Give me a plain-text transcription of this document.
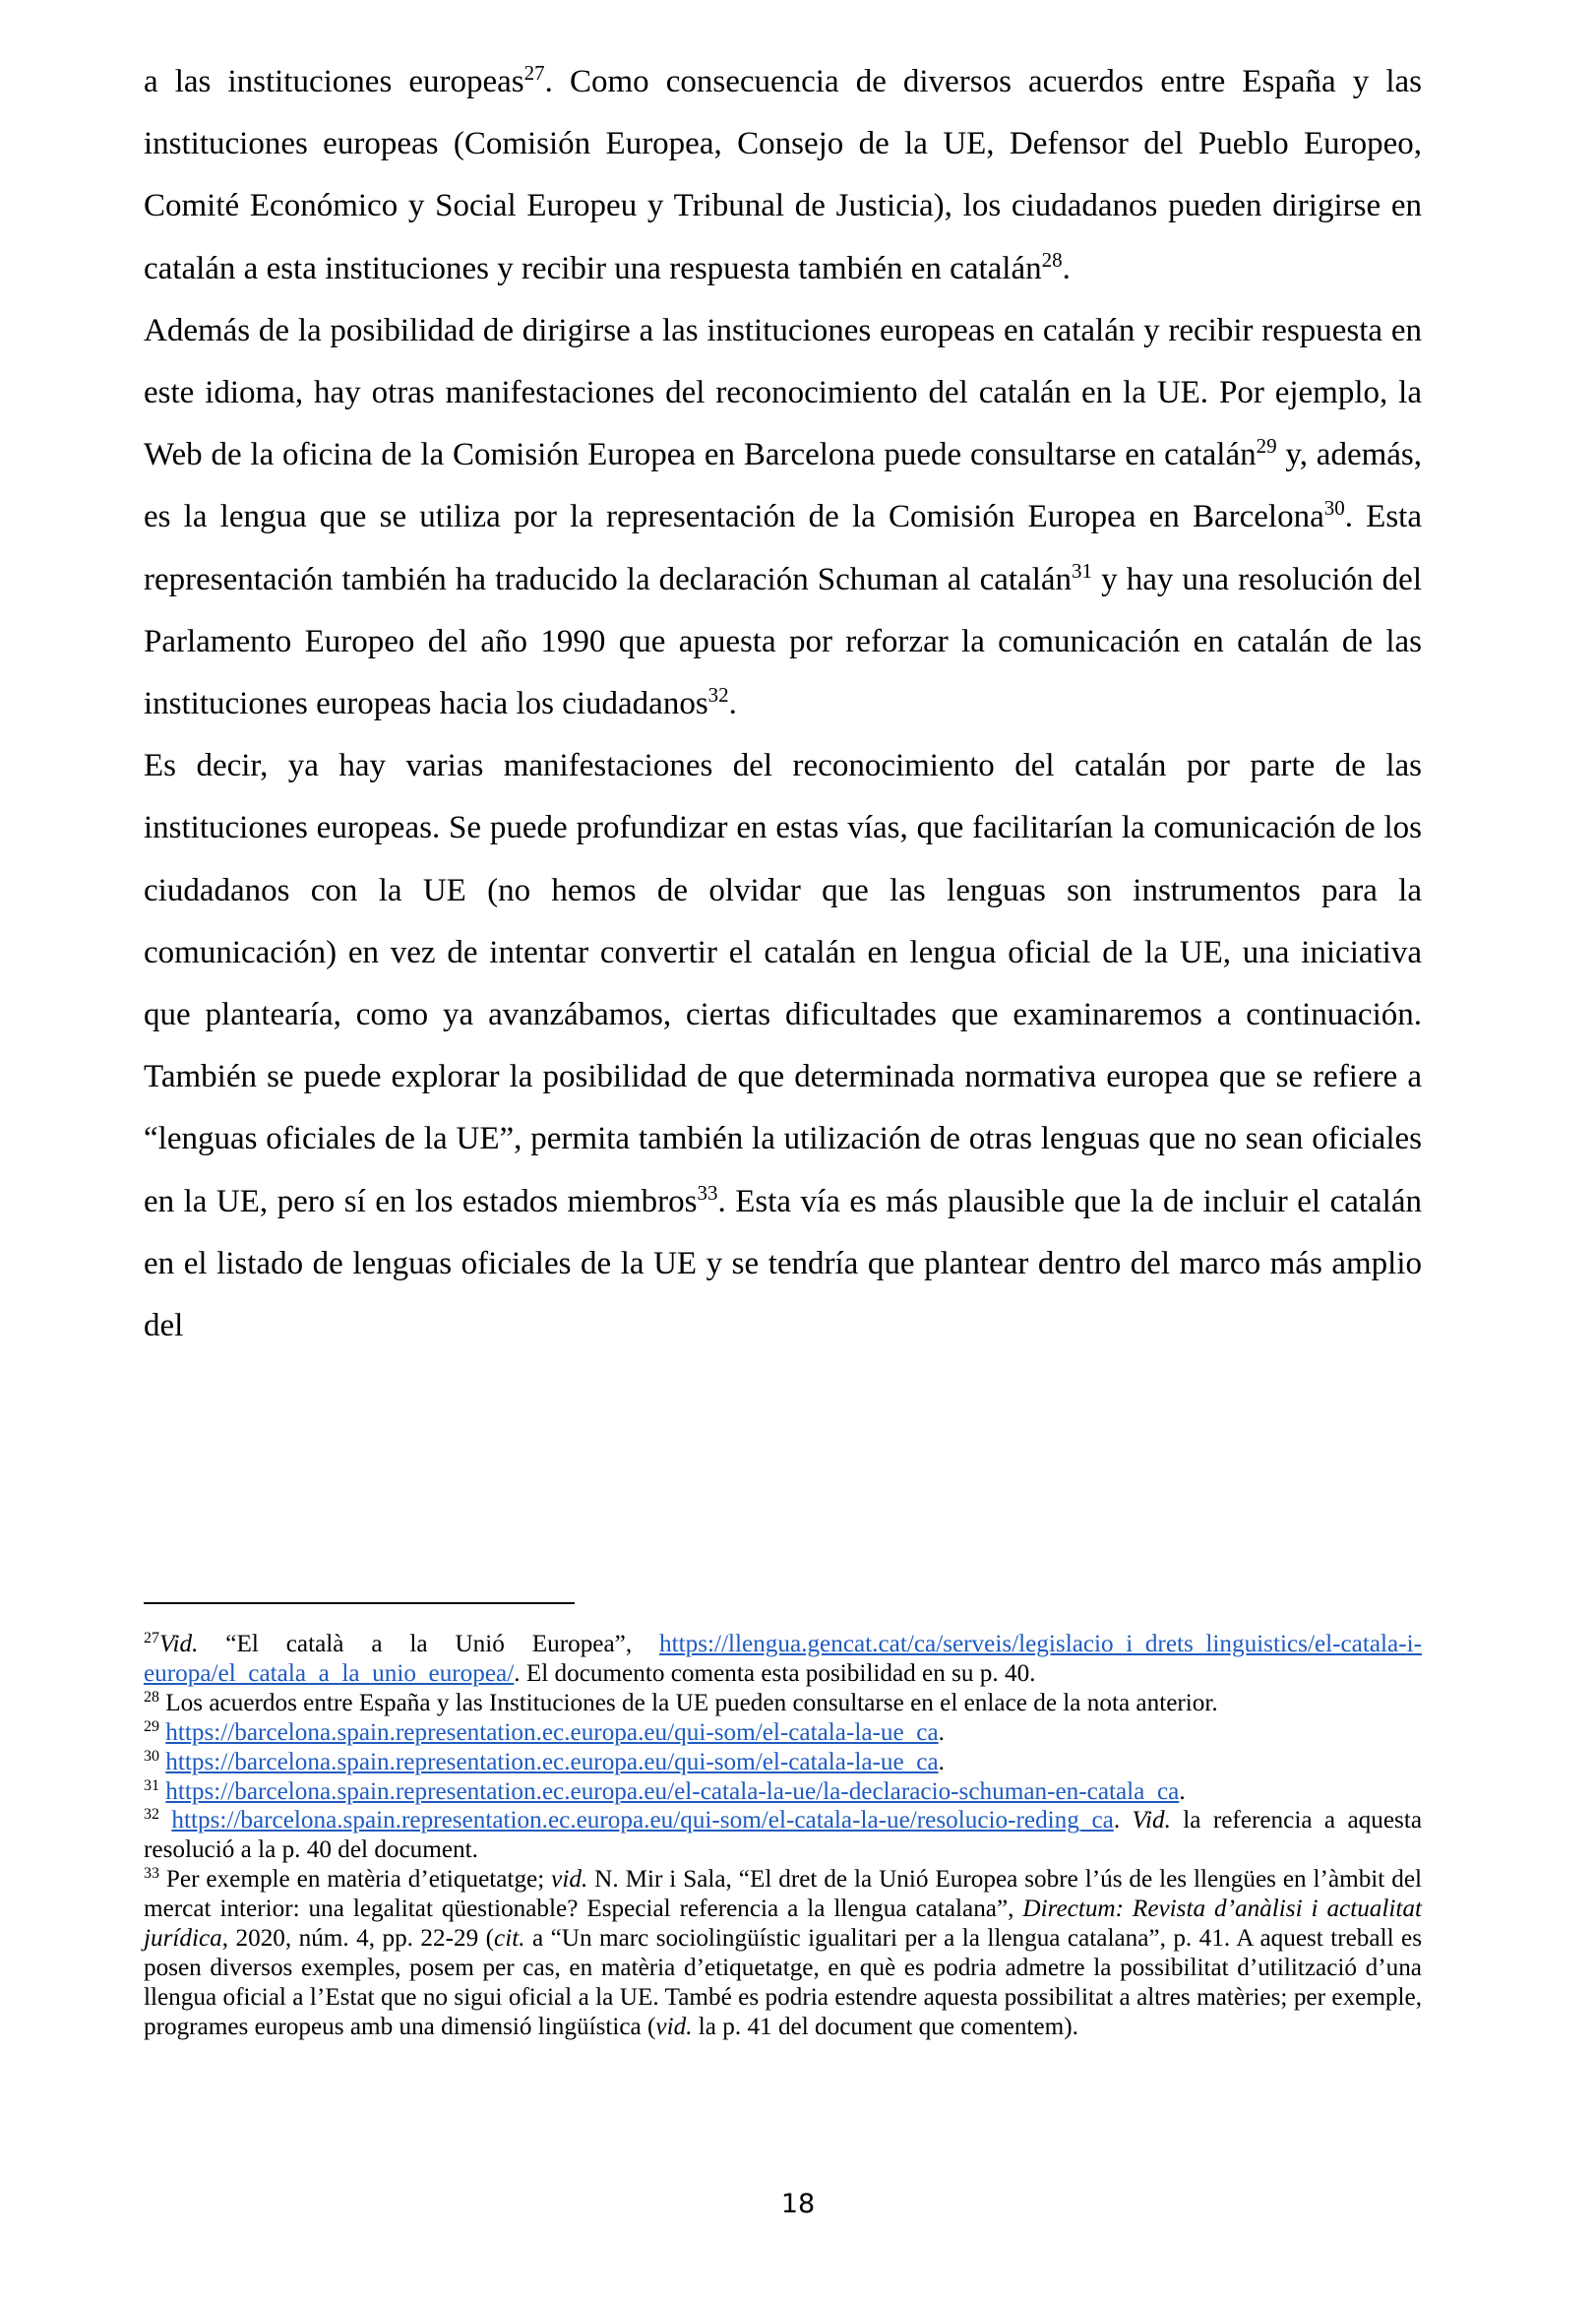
a las instituciones europeas$^{27}$. Como consecuencia de diversos acuerdos entre España y las instituciones europeas (Comisión Europea, Consejo de la UE, Defensor del Pueblo Europeo, Comité Económico y Social Europeu y Tribunal de Justicia), los ciudadanos pueden dirigirse en catalán a esta instituciones y recibir una respuesta también en catalán$^{28}$.

Además de la posibilidad de dirigirse a las instituciones europeas en catalán y recibir respuesta en este idioma, hay otras manifestaciones del reconocimiento del catalán en la UE. Por ejemplo, la Web de la oficina de la Comisión Europea en Barcelona puede consultarse en catalán$^{29}$ y, además, es la lengua que se utiliza por la representación de la Comisión Europea en Barcelona$^{30}$. Esta representación también ha traducido la declaración Schuman al catalán$^{31}$ y hay una resolución del Parlamento Europeo del año 1990 que apuesta por reforzar la comunicación en catalán de las instituciones europeas hacia los ciudadanos$^{32}$.

Es decir, ya hay varias manifestaciones del reconocimiento del catalán por parte de las instituciones europeas. Se puede profundizar en estas vías, que facilitarían la comunicación de los ciudadanos con la UE (no hemos de olvidar que las lenguas son instrumentos para la comunicación) en vez de intentar convertir el catalán en lengua oficial de la UE, una iniciativa que plantearía, como ya avanzábamos, ciertas dificultades que examinaremos a continuación. También se puede explorar la posibilidad de que determinada normativa europea que se refiere a “lenguas oficiales de la UE”, permita también la utilización de otras lenguas que no sean oficiales en la UE, pero sí en los estados miembros$^{33}$. Esta vía es más plausible que la de incluir el catalán en el listado de lenguas oficiales de la UE y se tendría que plantear dentro del marco más amplio del

$^{27}$Vid. “El català a la Unió Europea”, https://llengua.gencat.cat/ca/serveis/legislacio_i_drets_linguistics/el-catala-i-europa/el_catala_a_la_unio_europea/. El documento comenta esta posibilidad en su p. 40.

$^{28}$ Los acuerdos entre España y las Instituciones de la UE pueden consultarse en el enlace de la nota anterior.

$^{29}$ https://barcelona.spain.representation.ec.europa.eu/qui-som/el-catala-la-ue_ca.

$^{30}$ https://barcelona.spain.representation.ec.europa.eu/qui-som/el-catala-la-ue_ca.

$^{31}$ https://barcelona.spain.representation.ec.europa.eu/el-catala-la-ue/la-declaracio-schuman-en-catala_ca.

$^{32}$ https://barcelona.spain.representation.ec.europa.eu/qui-som/el-catala-la-ue/resolucio-reding_ca. Vid. la referencia a aquesta resolució a la p. 40 del document.

$^{33}$ Per exemple en matèria d’etiquetatge; vid. N. Mir i Sala, “El dret de la Unió Europea sobre l’ús de les llengües en l’àmbit del mercat interior: una legalitat qüestionable? Especial referencia a la llengua catalana”, Directum: Revista d’anàlisi i actualitat jurídica, 2020, núm. 4, pp. 22-29 (cit. a “Un marc sociolingüístic igualitari per a la llengua catalana”, p. 41. A aquest treball es posen diversos exemples, posem per cas, en matèria d’etiquetatge, en què es podria admetre la possibilitat d’utilització d’una llengua oficial a l’Estat que no sigui oficial a la UE. També es podria estendre aquesta possibilitat a altres matèries; per exemple, programes europeus amb una dimensió lingüística (vid. la p. 41 del document que comentem).

18
